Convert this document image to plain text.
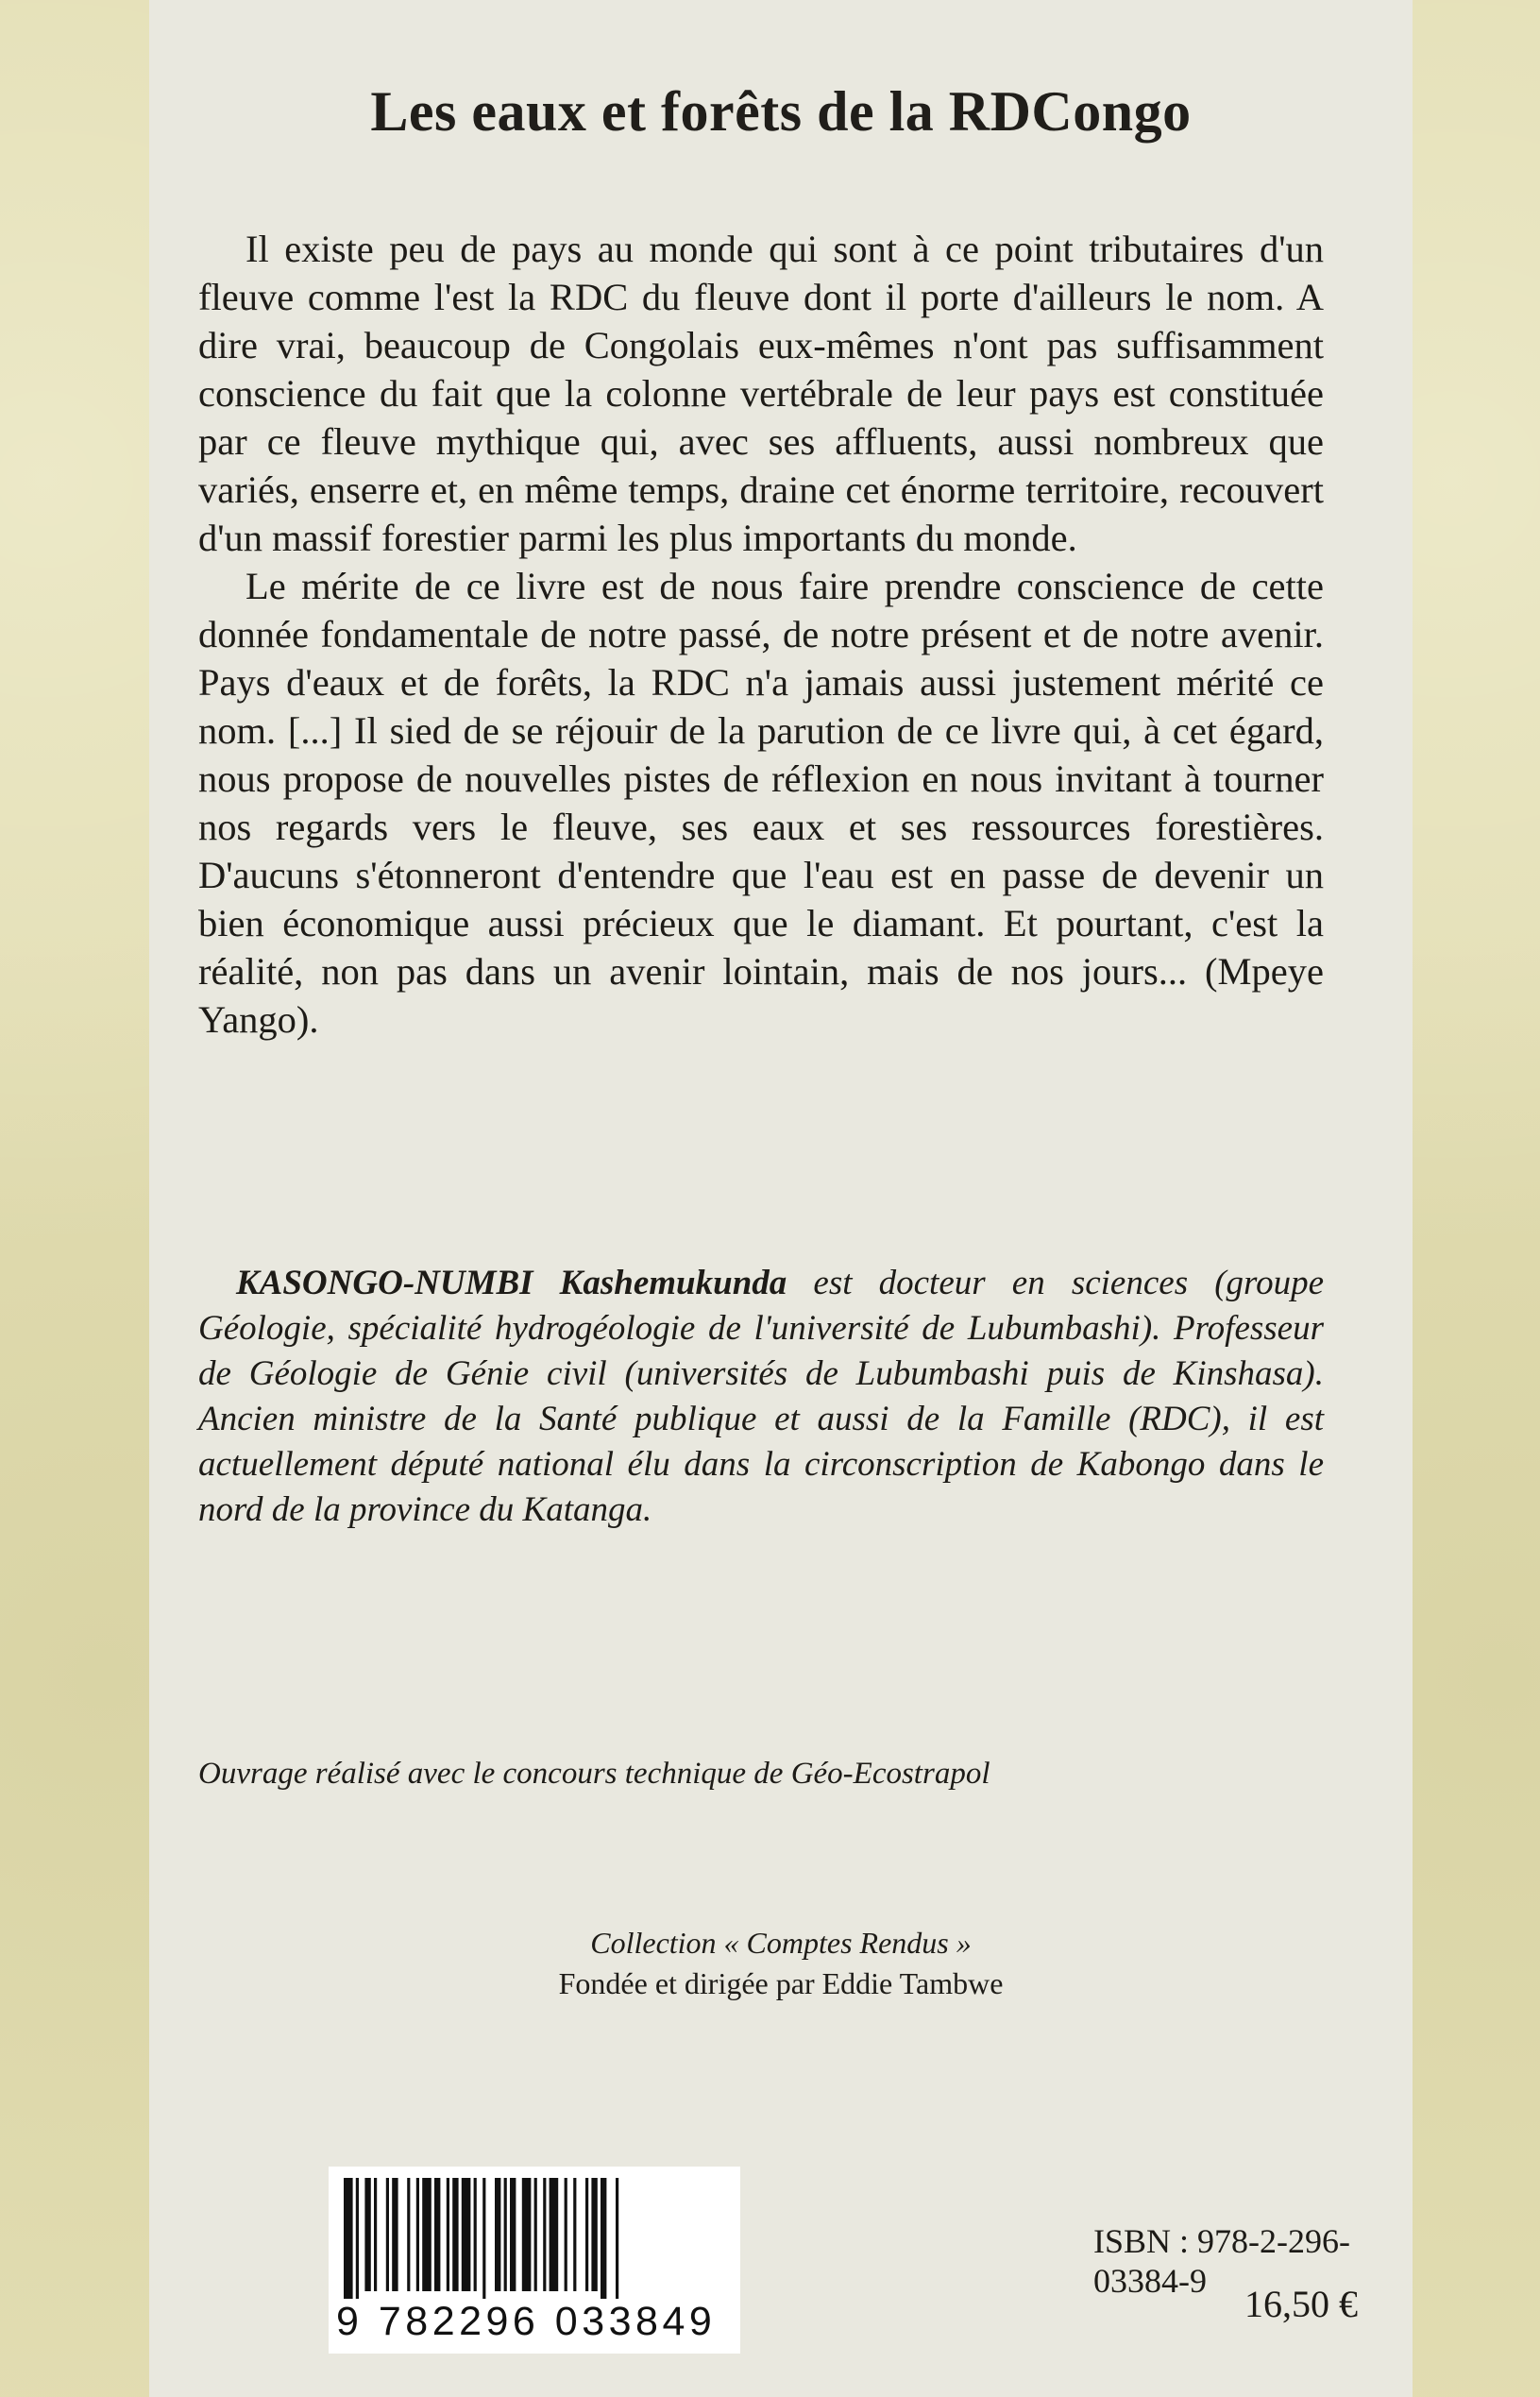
Les eaux et forêts de la RDCongo

Il existe peu de pays au monde qui sont à ce point tributaires d'un fleuve comme l'est la RDC du fleuve dont il porte d'ailleurs le nom. A dire vrai, beaucoup de Congolais eux-mêmes n'ont pas suffisamment conscience du fait que la colonne vertébrale de leur pays est constituée par ce fleuve mythique qui, avec ses affluents, aussi nombreux que variés, enserre et, en même temps, draine cet énorme territoire, recouvert d'un massif forestier parmi les plus importants du monde.

Le mérite de ce livre est de nous faire prendre conscience de cette donnée fondamentale de notre passé, de notre présent et de notre avenir. Pays d'eaux et de forêts, la RDC n'a jamais aussi justement mérité ce nom. [...] Il sied de se réjouir de la parution de ce livre qui, à cet égard, nous propose de nouvelles pistes de réflexion en nous invitant à tourner nos regards vers le fleuve, ses eaux et ses ressources forestières. D'aucuns s'étonneront d'entendre que l'eau est en passe de devenir un bien économique aussi précieux que le diamant. Et pourtant, c'est la réalité, non pas dans un avenir lointain, mais de nos jours... (Mpeye Yango).

KASONGO-NUMBI Kashemukunda est docteur en sciences (groupe Géologie, spécialité hydrogéologie de l'université de Lubumbashi). Professeur de Géologie de Génie civil (universités de Lubumbashi puis de Kinshasa). Ancien ministre de la Santé publique et aussi de la Famille (RDC), il est actuellement député national élu dans la circonscription de Kabongo dans le nord de la province du Katanga.

Ouvrage réalisé avec le concours technique de Géo-Ecostrapol

Collection « Comptes Rendus »
Fondée et dirigée par Eddie Tambwe
9 782296 033849
ISBN : 978-2-296-03384-9
16,50 €
